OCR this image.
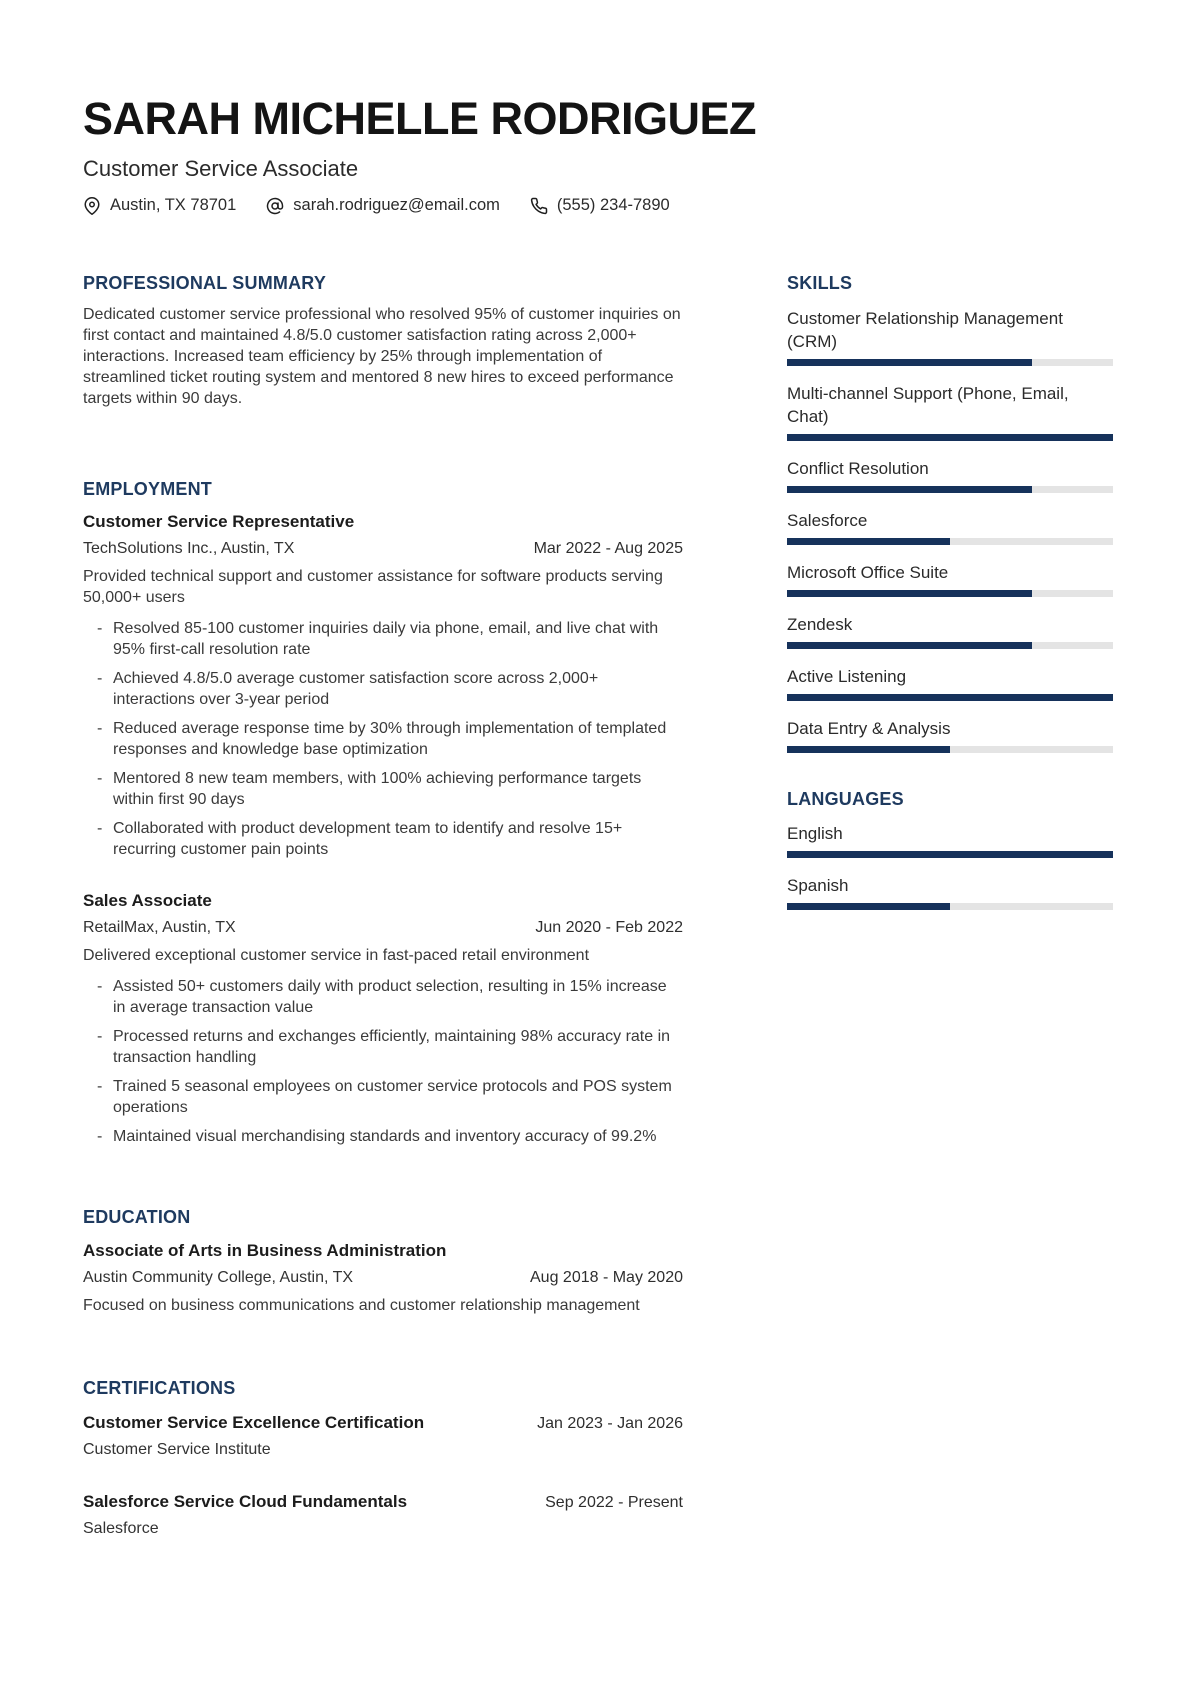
SARAH MICHELLE RODRIGUEZ
Customer Service Associate
Austin, TX 78701	sarah.rodriguez@email.com	(555) 234-7890
PROFESSIONAL SUMMARY
Dedicated customer service professional who resolved 95% of customer inquiries on first contact and maintained 4.8/5.0 customer satisfaction rating across 2,000+ interactions. Increased team efficiency by 25% through implementation of streamlined ticket routing system and mentored 8 new hires to exceed performance targets within 90 days.
EMPLOYMENT
Customer Service Representative
TechSolutions Inc., Austin, TX	Mar 2022 - Aug 2025
Provided technical support and customer assistance for software products serving 50,000+ users
- Resolved 85-100 customer inquiries daily via phone, email, and live chat with 95% first-call resolution rate
- Achieved 4.8/5.0 average customer satisfaction score across 2,000+ interactions over 3-year period
- Reduced average response time by 30% through implementation of templated responses and knowledge base optimization
- Mentored 8 new team members, with 100% achieving performance targets within first 90 days
- Collaborated with product development team to identify and resolve 15+ recurring customer pain points
Sales Associate
RetailMax, Austin, TX	Jun 2020 - Feb 2022
Delivered exceptional customer service in fast-paced retail environment
- Assisted 50+ customers daily with product selection, resulting in 15% increase in average transaction value
- Processed returns and exchanges efficiently, maintaining 98% accuracy rate in transaction handling
- Trained 5 seasonal employees on customer service protocols and POS system operations
- Maintained visual merchandising standards and inventory accuracy of 99.2%
EDUCATION
Associate of Arts in Business Administration
Austin Community College, Austin, TX	Aug 2018 - May 2020
Focused on business communications and customer relationship management
CERTIFICATIONS
Customer Service Excellence Certification	Jan 2023 - Jan 2026
Customer Service Institute
Salesforce Service Cloud Fundamentals	Sep 2022 - Present
Salesforce
SKILLS
Customer Relationship Management (CRM)
Multi-channel Support (Phone, Email, Chat)
Conflict Resolution
Salesforce
Microsoft Office Suite
Zendesk
Active Listening
Data Entry & Analysis
LANGUAGES
English
Spanish
